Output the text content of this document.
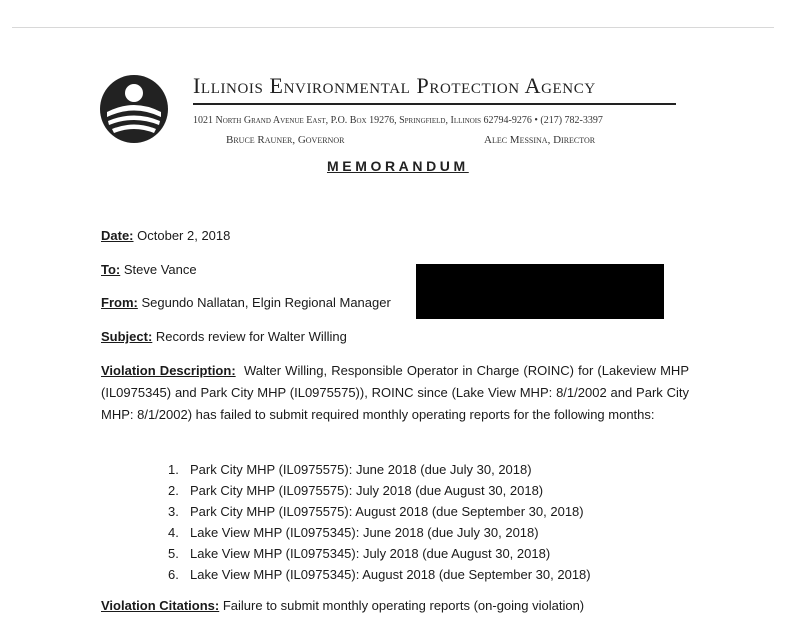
Illinois Environmental Protection Agency
1021 North Grand Avenue East, P.O. Box 19276, Springfield, Illinois 62794-9276 • (217) 782-3397
Bruce Rauner, Governor	Alec Messina, Director
MEMORANDUM
Date: October 2, 2018
To: Steve Vance
From: Segundo Nallatan, Elgin Regional Manager
Subject: Records review for Walter Willing
Violation Description: Walter Willing, Responsible Operator in Charge (ROINC) for (Lakeview MHP (IL0975345) and Park City MHP (IL0975575)), ROINC since (Lake View MHP: 8/1/2002 and Park City MHP: 8/1/2002) has failed to submit required monthly operating reports for the following months:
1. Park City MHP (IL0975575): June 2018 (due July 30, 2018)
2. Park City MHP (IL0975575): July 2018 (due August 30, 2018)
3. Park City MHP (IL0975575): August 2018 (due September 30, 2018)
4. Lake View MHP (IL0975345): June 2018 (due July 30, 2018)
5. Lake View MHP (IL0975345): July 2018 (due August 30, 2018)
6. Lake View MHP (IL0975345): August 2018 (due September 30, 2018)
Violation Citations: Failure to submit monthly operating reports (on-going violation)
